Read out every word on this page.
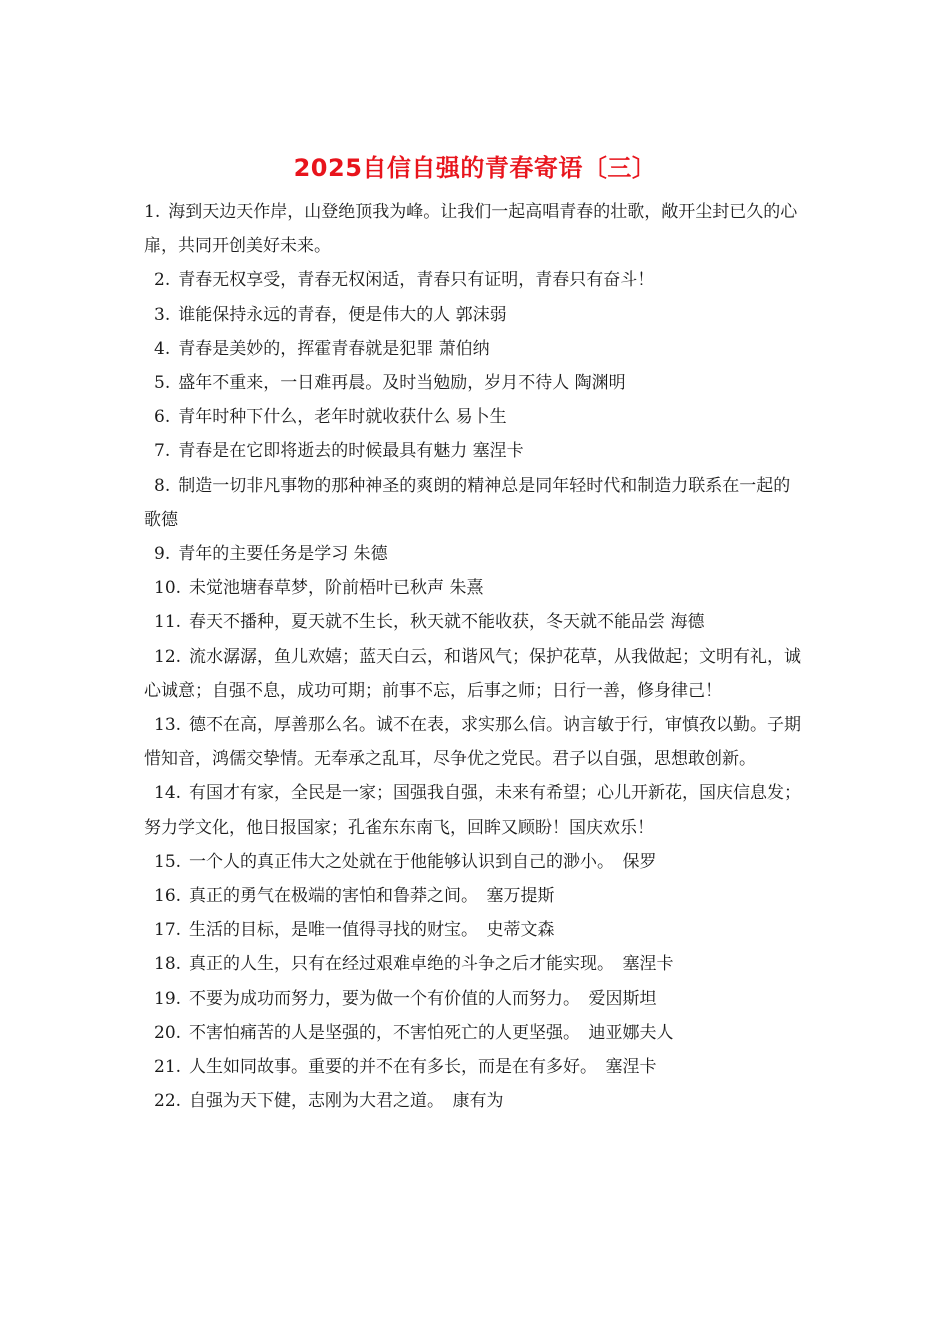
2025自信自强的青春寄语〔三〕

1. 海到天边天作岸，山登绝顶我为峰。让我们一起高唱青春的壮歌，敞开尘封已久的心扉，共同开创美好未来。

2. 青春无权享受，青春无权闲适，青春只有证明，青春只有奋斗！

3. 谁能保持永远的青春，便是伟大的人 郭沫弱

4. 青春是美妙的，挥霍青春就是犯罪 萧伯纳

5. 盛年不重来，一日难再晨。及时当勉励，岁月不待人 陶渊明

6. 青年时种下什么，老年时就收获什么 易卜生

7. 青春是在它即将逝去的时候最具有魅力 塞涅卡

8. 制造一切非凡事物的那种神圣的爽朗的精神总是同年轻时代和制造力联系在一起的 歌德

9. 青年的主要任务是学习 朱德

10. 未觉池塘春草梦，阶前梧叶已秋声 朱熹

11. 春天不播种，夏天就不生长，秋天就不能收获，冬天就不能品尝 海德

12. 流水潺潺，鱼儿欢嬉；蓝天白云，和谐风气；保护花草，从我做起；文明有礼，诚心诚意；自强不息，成功可期；前事不忘，后事之师；日行一善，修身律己！

13. 德不在高，厚善那么名。诚不在表，求实那么信。讷言敏于行，审慎孜以勤。子期惜知音，鸿儒交挚情。无奉承之乱耳，尽争优之党民。君子以自强，思想敢创新。

14. 有国才有家，全民是一家；国强我自强，未来有希望；心儿开新花，国庆信息发；努力学文化，他日报国家；孔雀东东南飞，回眸又顾盼！国庆欢乐！

15. 一个人的真正伟大之处就在于他能够认识到自己的渺小。　保罗

16. 真正的勇气在极端的害怕和鲁莽之间。　塞万提斯

17. 生活的目标，是唯一值得寻找的财宝。　史蒂文森

18. 真正的人生，只有在经过艰难卓绝的斗争之后才能实现。　塞涅卡

19. 不要为成功而努力，要为做一个有价值的人而努力。　爱因斯坦

20. 不害怕痛苦的人是坚强的，不害怕死亡的人更坚强。　迪亚娜夫人

21. 人生如同故事。重要的并不在有多长，而是在有多好。　塞涅卡

22. 自强为天下健，志刚为大君之道。　康有为
